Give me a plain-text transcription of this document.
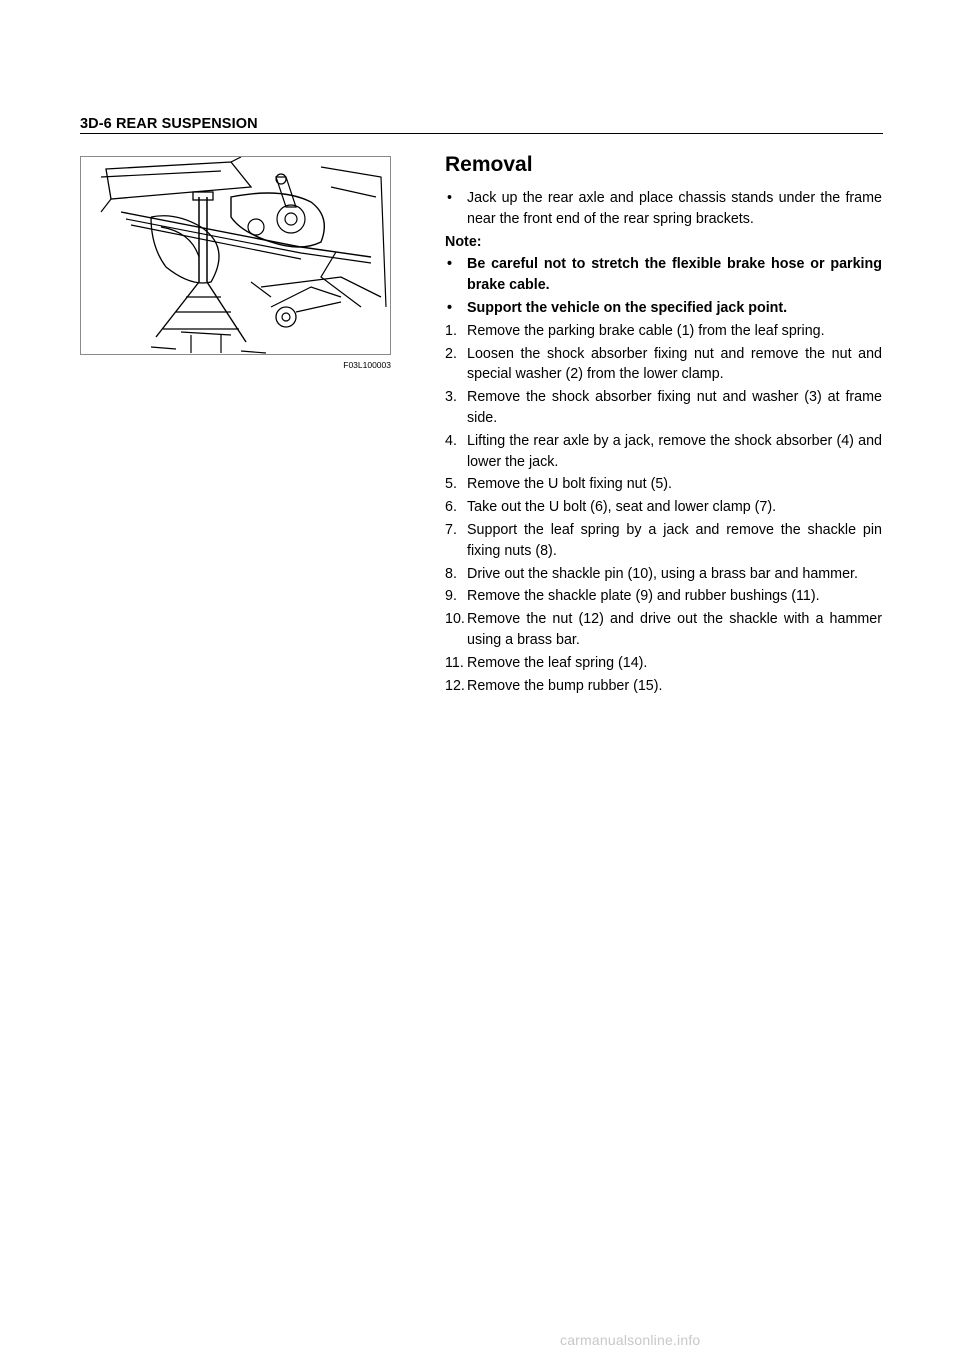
3D-6 REAR SUSPENSION
F03L100003
Removal
• Jack up the rear axle and place chassis stands under the frame near the front end of the rear spring brackets.
Note:
• Be careful not to stretch the flexible brake hose or parking brake cable.
• Support the vehicle on the specified jack point.
1. Remove the parking brake cable (1) from the leaf spring.
2. Loosen the shock absorber fixing nut and remove the nut and special washer (2) from the lower clamp.
3. Remove the shock absorber fixing nut and washer (3) at frame side.
4. Lifting the rear axle by a jack, remove the shock absorber (4) and lower the jack.
5. Remove the U bolt fixing nut (5).
6. Take out the U bolt (6), seat and lower clamp (7).
7. Support the leaf spring by a jack and remove the shackle pin fixing nuts (8).
8. Drive out the shackle pin (10), using a brass bar and hammer.
9. Remove the shackle plate (9) and rubber bushings (11).
10. Remove the nut (12) and drive out the shackle with a hammer using a brass bar.
11. Remove the leaf spring (14).
12. Remove the bump rubber (15).
carmanualsonline.info
